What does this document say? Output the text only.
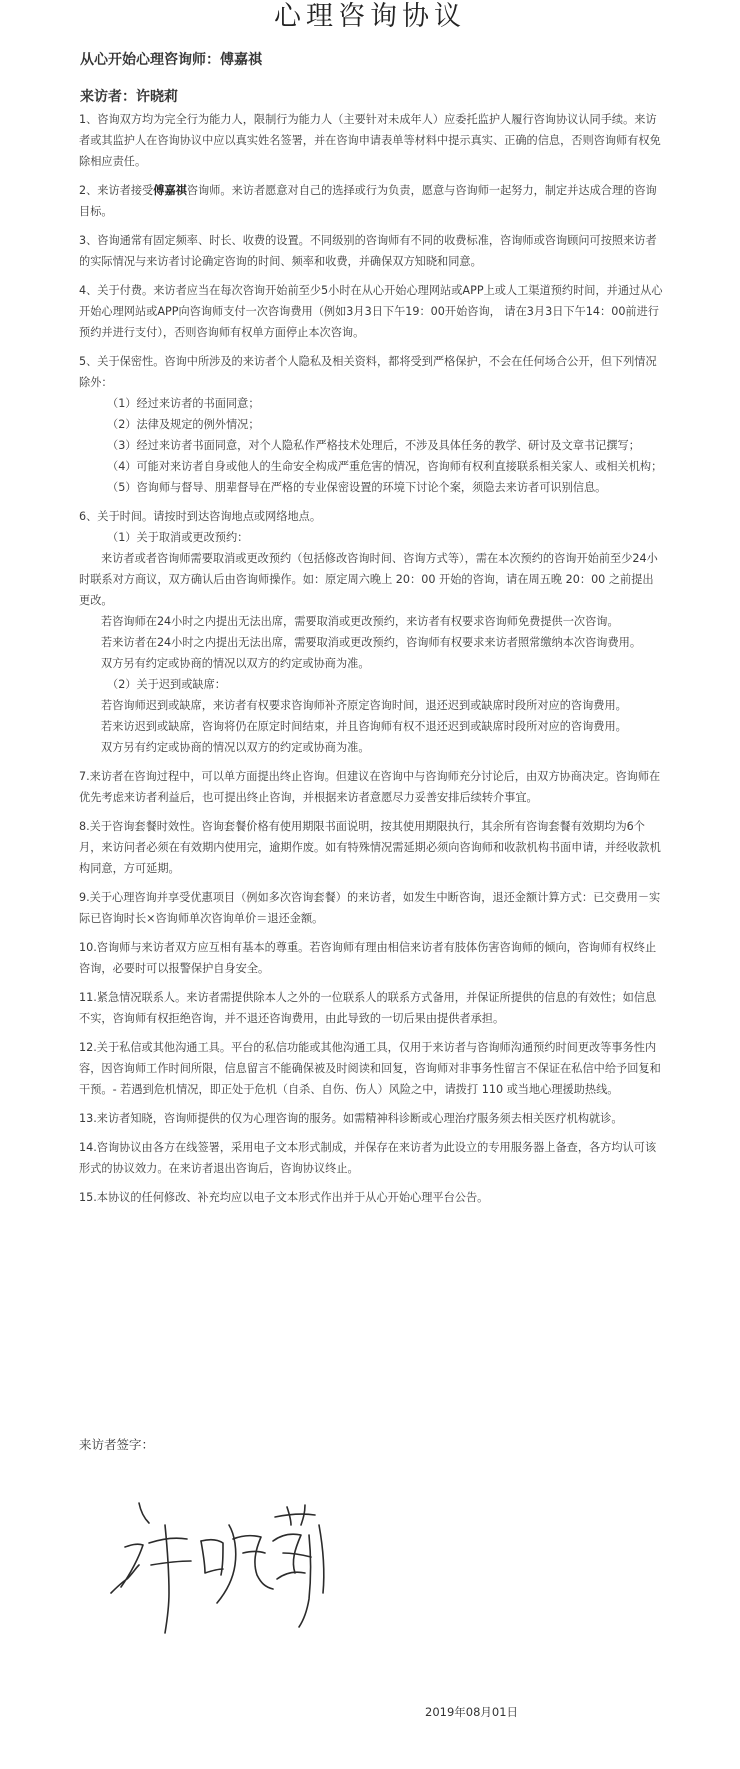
心理咨询协议
从心开始心理咨询师：傅嘉祺
来访者：许晓莉

1、咨询双方均为完全行为能力人，限制行为能力人（主要针对未成年人）应委托监护人履行咨询协议认同手续。来访者或其监护人在咨询协议中应以真实姓名签署，并在咨询申请表单等材料中提示真实、正确的信息，否则咨询师有权免除相应责任。

2、来访者接受傅嘉祺咨询师。来访者愿意对自己的选择或行为负责，愿意与咨询师一起努力，制定并达成合理的咨询目标。

3、咨询通常有固定频率、时长、收费的设置。不同级别的咨询师有不同的收费标准，咨询师或咨询顾问可按照来访者的实际情况与来访者讨论确定咨询的时间、频率和收费，并确保双方知晓和同意。

4、关于付费。来访者应当在每次咨询开始前至少5小时在从心开始心理网站或APP上或人工渠道预约时间，并通过从心开始心理网站或APP向咨询师支付一次咨询费用（例如3月3日下午19：00开始咨询， 请在3月3日下午14：00前进行预约并进行支付），否则咨询师有权单方面停止本次咨询。

5、关于保密性。咨询中所涉及的来访者个人隐私及相关资料，都将受到严格保护，不会在任何场合公开，但下列情况除外：

（1）经过来访者的书面同意；

（2）法律及规定的例外情况；

（3）经过来访者书面同意，对个人隐私作严格技术处理后，不涉及具体任务的教学、研讨及文章书记撰写；

（4）可能对来访者自身或他人的生命安全构成严重危害的情况，咨询师有权利直接联系相关家人、或相关机构；

（5）咨询师与督导、朋辈督导在严格的专业保密设置的环境下讨论个案，须隐去来访者可识别信息。

6、关于时间。请按时到达咨询地点或网络地点。

（1）关于取消或更改预约：

来访者或者咨询师需要取消或更改预约（包括修改咨询时间、咨询方式等），需在本次预约的咨询开始前至少24小时联系对方商议，双方确认后由咨询师操作。如：原定周六晚上 20：00 开始的咨询，请在周五晚 20：00 之前提出更改。

若咨询师在24小时之内提出无法出席，需要取消或更改预约，来访者有权要求咨询师免费提供一次咨询。

若来访者在24小时之内提出无法出席，需要取消或更改预约，咨询师有权要求来访者照常缴纳本次咨询费用。

双方另有约定或协商的情况以双方的约定或协商为准。

（2）关于迟到或缺席：

若咨询师迟到或缺席，来访者有权要求咨询师补齐原定咨询时间，退还迟到或缺席时段所对应的咨询费用。

若来访迟到或缺席，咨询将仍在原定时间结束，并且咨询师有权不退还迟到或缺席时段所对应的咨询费用。

双方另有约定或协商的情况以双方的约定或协商为准。

7.来访者在咨询过程中，可以单方面提出终止咨询。但建议在咨询中与咨询师充分讨论后，由双方协商决定。咨询师在优先考虑来访者利益后，也可提出终止咨询，并根据来访者意愿尽力妥善安排后续转介事宜。

8.关于咨询套餐时效性。咨询套餐价格有使用期限书面说明，按其使用期限执行，其余所有咨询套餐有效期均为6个月，来访问者必须在有效期内使用完，逾期作废。如有特殊情况需延期必须向咨询师和收款机构书面申请，并经收款机构同意，方可延期。

9.关于心理咨询并享受优惠项目（例如多次咨询套餐）的来访者，如发生中断咨询，退还金额计算方式：已交费用－实际已咨询时长×咨询师单次咨询单价＝退还金额。

10.咨询师与来访者双方应互相有基本的尊重。若咨询师有理由相信来访者有肢体伤害咨询师的倾向，咨询师有权终止咨询，必要时可以报警保护自身安全。

11.紧急情况联系人。来访者需提供除本人之外的一位联系人的联系方式备用，并保证所提供的信息的有效性；如信息不实，咨询师有权拒绝咨询，并不退还咨询费用，由此导致的一切后果由提供者承担。

12.关于私信或其他沟通工具。平台的私信功能或其他沟通工具，仅用于来访者与咨询师沟通预约时间更改等事务性内容，因咨询师工作时间所限，信息留言不能确保被及时阅读和回复，咨询师对非事务性留言不保证在私信中给予回复和干预。- 若遇到危机情况，即正处于危机（自杀、自伤、伤人）风险之中，请拨打 110 或当地心理援助热线。

13.来访者知晓，咨询师提供的仅为心理咨询的服务。如需精神科诊断或心理治疗服务须去相关医疗机构就诊。

14.咨询协议由各方在线签署，采用电子文本形式制成，并保存在来访者为此设立的专用服务器上备查，各方均认可该形式的协议效力。在来访者退出咨询后，咨询协议终止。

15.本协议的任何修改、补充均应以电子文本形式作出并于从心开始心理平台公告。

来访者签字：
2019年08月01日
